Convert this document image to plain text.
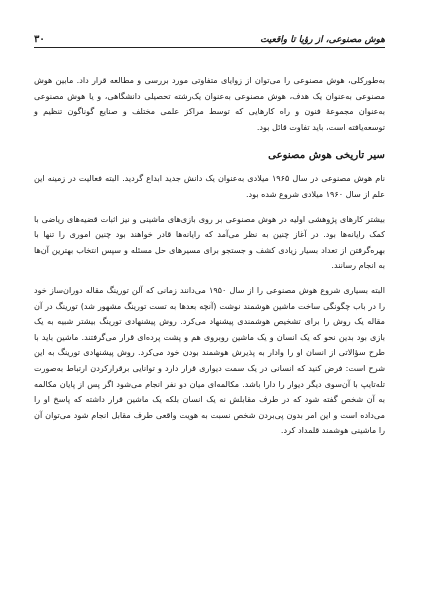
هوش مصنوعی، از رؤیا تا واقعیت
۳۰

به‌طورکلی، هوش مصنوعی را می‌توان از زوایای متفاوتی مورد بررسی و مطالعه قرار داد. مابین هوش مصنوعی به‌عنوان یک هدف، هوش مصنوعی به‌عنوان یک‌رشته تحصیلی دانشگاهی، و یا هوش مصنوعی به‌عنوان مجموعهٔ فنون و راه کارهایی که توسط مراکز علمی مختلف و صنایع گوناگون تنظیم و توسعه‌یافته است، باید تفاوت قائل بود.

سیر تاریخی هوش مصنوعی

نام هوش مصنوعی در سال ۱۹۶۵ میلادی به‌عنوان یک دانش جدید ابداع گردید. البته فعالیت در زمینه این علم از سال ۱۹۶۰ میلادی شروع شده بود.

بیشتر کارهای پژوهشی اولیه در هوش مصنوعی بر روی بازی‌های ماشینی و نیز اثبات قضیه‌های ریاضی با کمک رایانه‌ها بود. در آغاز چنین به نظر می‌آمد که رایانه‌ها قادر خواهند بود چنین اموری را تنها با بهره‌گرفتن از تعداد بسیار زیادی کشف و جستجو برای مسیرهای حل مسئله و سپس انتخاب بهترین آن‌ها به انجام رسانند.

البته بسیاری شروع هوش مصنوعی را از سال ۱۹۵۰ می‌دانند زمانی که آلن تورینگ مقاله دوران‌ساز خود را در باب چگونگی ساخت ماشین هوشمند نوشت (آنچه بعدها به تست تورینگ مشهور شد) تورینگ در آن مقاله یک روش را برای تشخیص هوشمندی پیشنهاد می‌کرد. روش پیشنهادی تورینگ بیشتر شبیه به یک بازی بود بدین نحو که یک انسان و یک ماشین روبروی هم و پشت پرده‌ای قرار می‌گرفتند. ماشین باید با طرح سؤالاتی از انسان او را وادار به پذیرش هوشمند بودن خود می‌کرد. روش پیشنهادی تورینگ به این شرح است: فرض کنید که انسانی در یک سمت دیواری قرار دارد و توانایی برقرارکردن ارتباط به‌صورت تله‌تایپ با آن‌سوی دیگر دیوار را دارا باشد. مکالمه‌ای میان دو نفر انجام می‌شود اگر پس از پایان مکالمه به آن شخص گفته شود که در طرف مقابلش نه یک انسان بلکه یک ماشین قرار داشته که پاسخ او را می‌داده است و این امر بدون پی‌بردن شخص نسبت به هویت واقعی طرف مقابل انجام شود می‌توان آن را ماشینی هوشمند قلمداد کرد.
